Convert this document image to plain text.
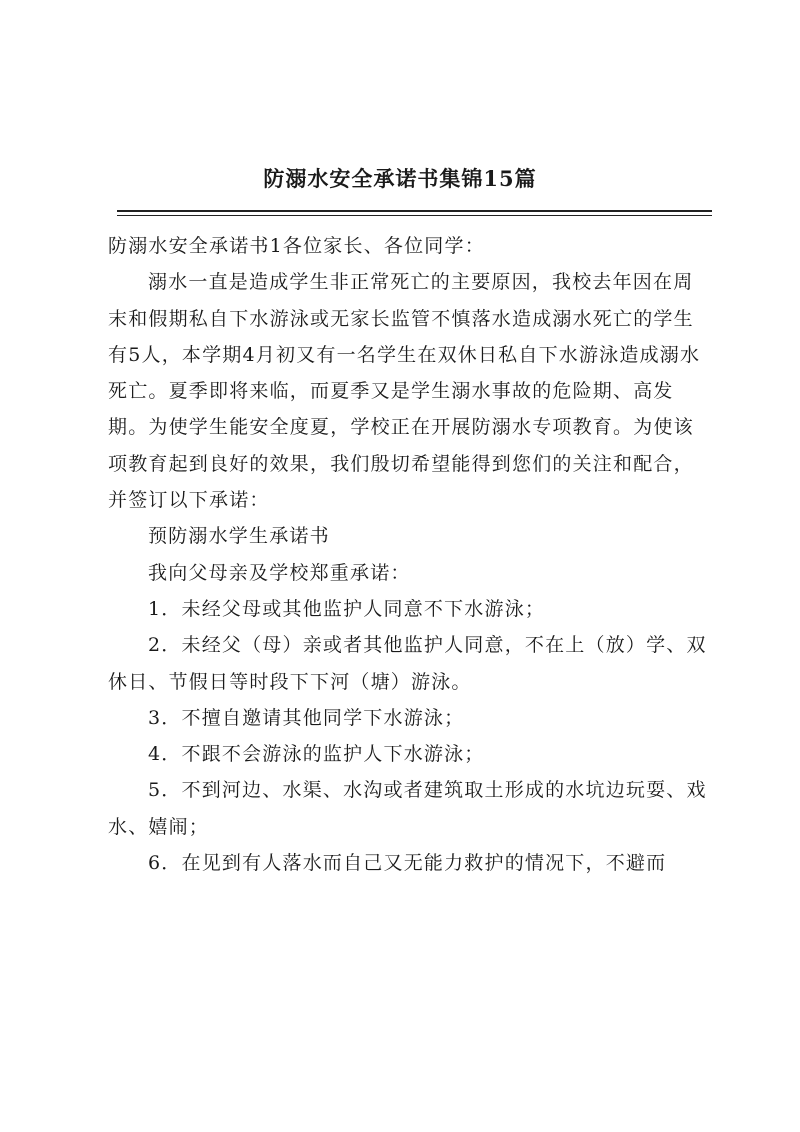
防溺水安全承诺书集锦15篇

防溺水安全承诺书1各位家长、各位同学：

溺水一直是造成学生非正常死亡的主要原因，我校去年因在周末和假期私自下水游泳或无家长监管不慎落水造成溺水死亡的学生有5人，本学期4月初又有一名学生在双休日私自下水游泳造成溺水死亡。夏季即将来临，而夏季又是学生溺水事故的危险期、高发期。为使学生能安全度夏，学校正在开展防溺水专项教育。为使该项教育起到良好的效果，我们殷切希望能得到您们的关注和配合，并签订以下承诺：

预防溺水学生承诺书

我向父母亲及学校郑重承诺：

1．未经父母或其他监护人同意不下水游泳；

2．未经父（母）亲或者其他监护人同意，不在上（放）学、双休日、节假日等时段下下河（塘）游泳。

3．不擅自邀请其他同学下水游泳；

4．不跟不会游泳的监护人下水游泳；

5．不到河边、水渠、水沟或者建筑取土形成的水坑边玩耍、戏水、嬉闹；

6．在见到有人落水而自己又无能力救护的情况下，不避而
